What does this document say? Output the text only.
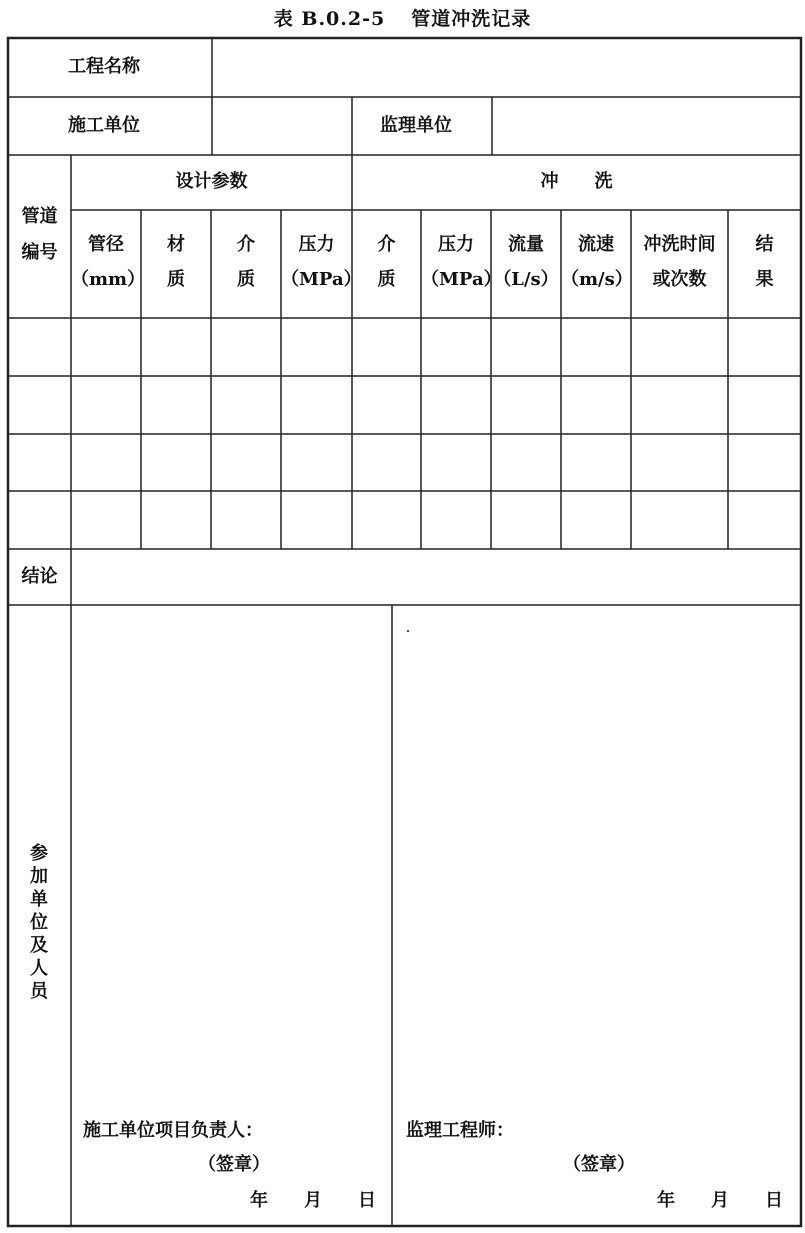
表 B.0.2-5 管道冲洗记录
工程名称
施工单位	监理单位
管道
编号
设计参数	冲　　洗
管径
（mm）
材
质
介
质
压力
（MPa）
介
质
压力
（MPa）
流量
（L/s）
流速
（m/s）
冲洗时间
或次数
结
果
结论
参加单位及人员
施工单位项目负责人：
（签章）
年 月 日
监理工程师：
（签章）
年 月 日
